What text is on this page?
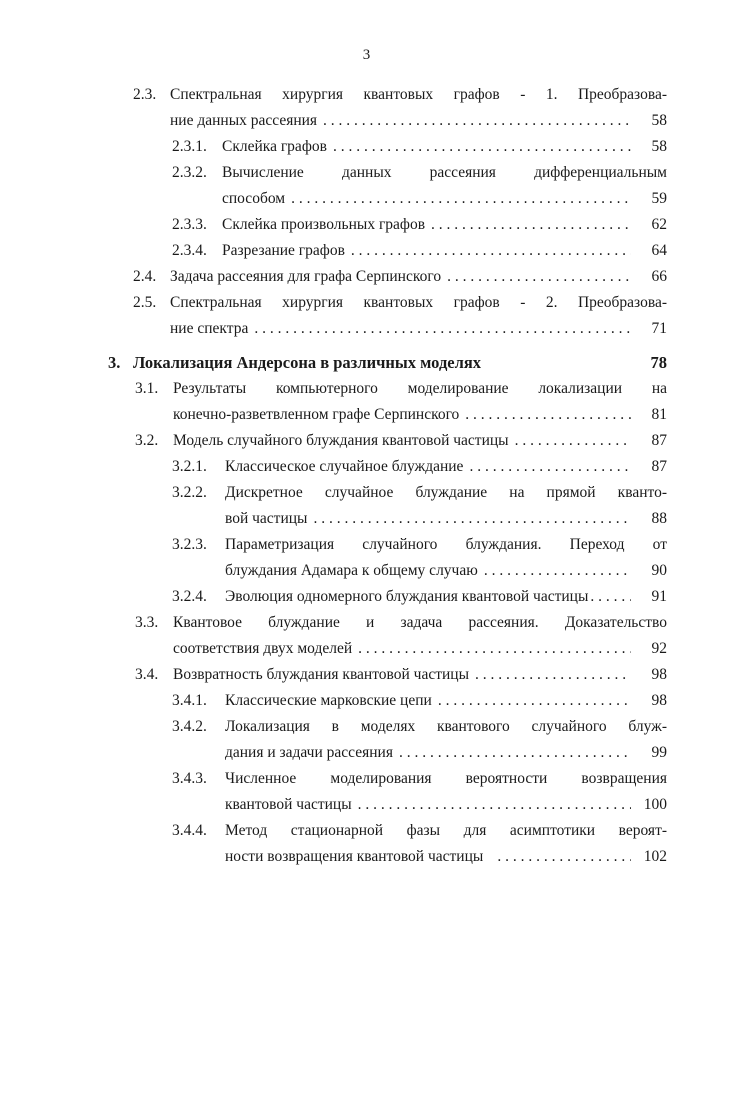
3
2.3. Спектральная хирургия квантовых графов - 1. Преобразова-
ние данных рассеяния . . .	58
2.3.1. Склейка графов . . .	58
2.3.2. Вычисление данных рассеяния дифференциальным
способом . . .	59
2.3.3. Склейка произвольных графов . . .	62
2.3.4. Разрезание графов . . .	64
2.4. Задача рассеяния для графа Серпинского . . .	66
2.5. Спектральная хирургия квантовых графов - 2. Преобразова-
ние спектра . . .	71
3. Локализация Андерсона в различных моделях	78
3.1. Результаты компьютерного моделирование локализации на
конечно-разветвленном графе Серпинского . . .	81
3.2. Модель случайного блуждания квантовой частицы . . .	87
3.2.1. Классическое случайное блуждание . . .	87
3.2.2. Дискретное случайное блуждание на прямой кванто-
вой частицы . . .	88
3.2.3. Параметризация случайного блуждания. Переход от
блуждания Адамара к общему случаю . . .	90
3.2.4. Эволюция одномерного блуждания квантовой частицы . . .	91
3.3. Квантовое блуждание и задача рассеяния. Доказательство
соответствия двух моделей . . .	92
3.4. Возвратность блуждания квантовой частицы . . .	98
3.4.1. Классические марковские цепи . . .	98
3.4.2. Локализация в моделях квантового случайного блуж-
дания и задачи рассеяния . . .	99
3.4.3. Численное моделирования вероятности возвращения
квантовой частицы . . .	100
3.4.4. Метод стационарной фазы для асимптотики вероят-
ности возвращения квантовой частицы . . .	102
